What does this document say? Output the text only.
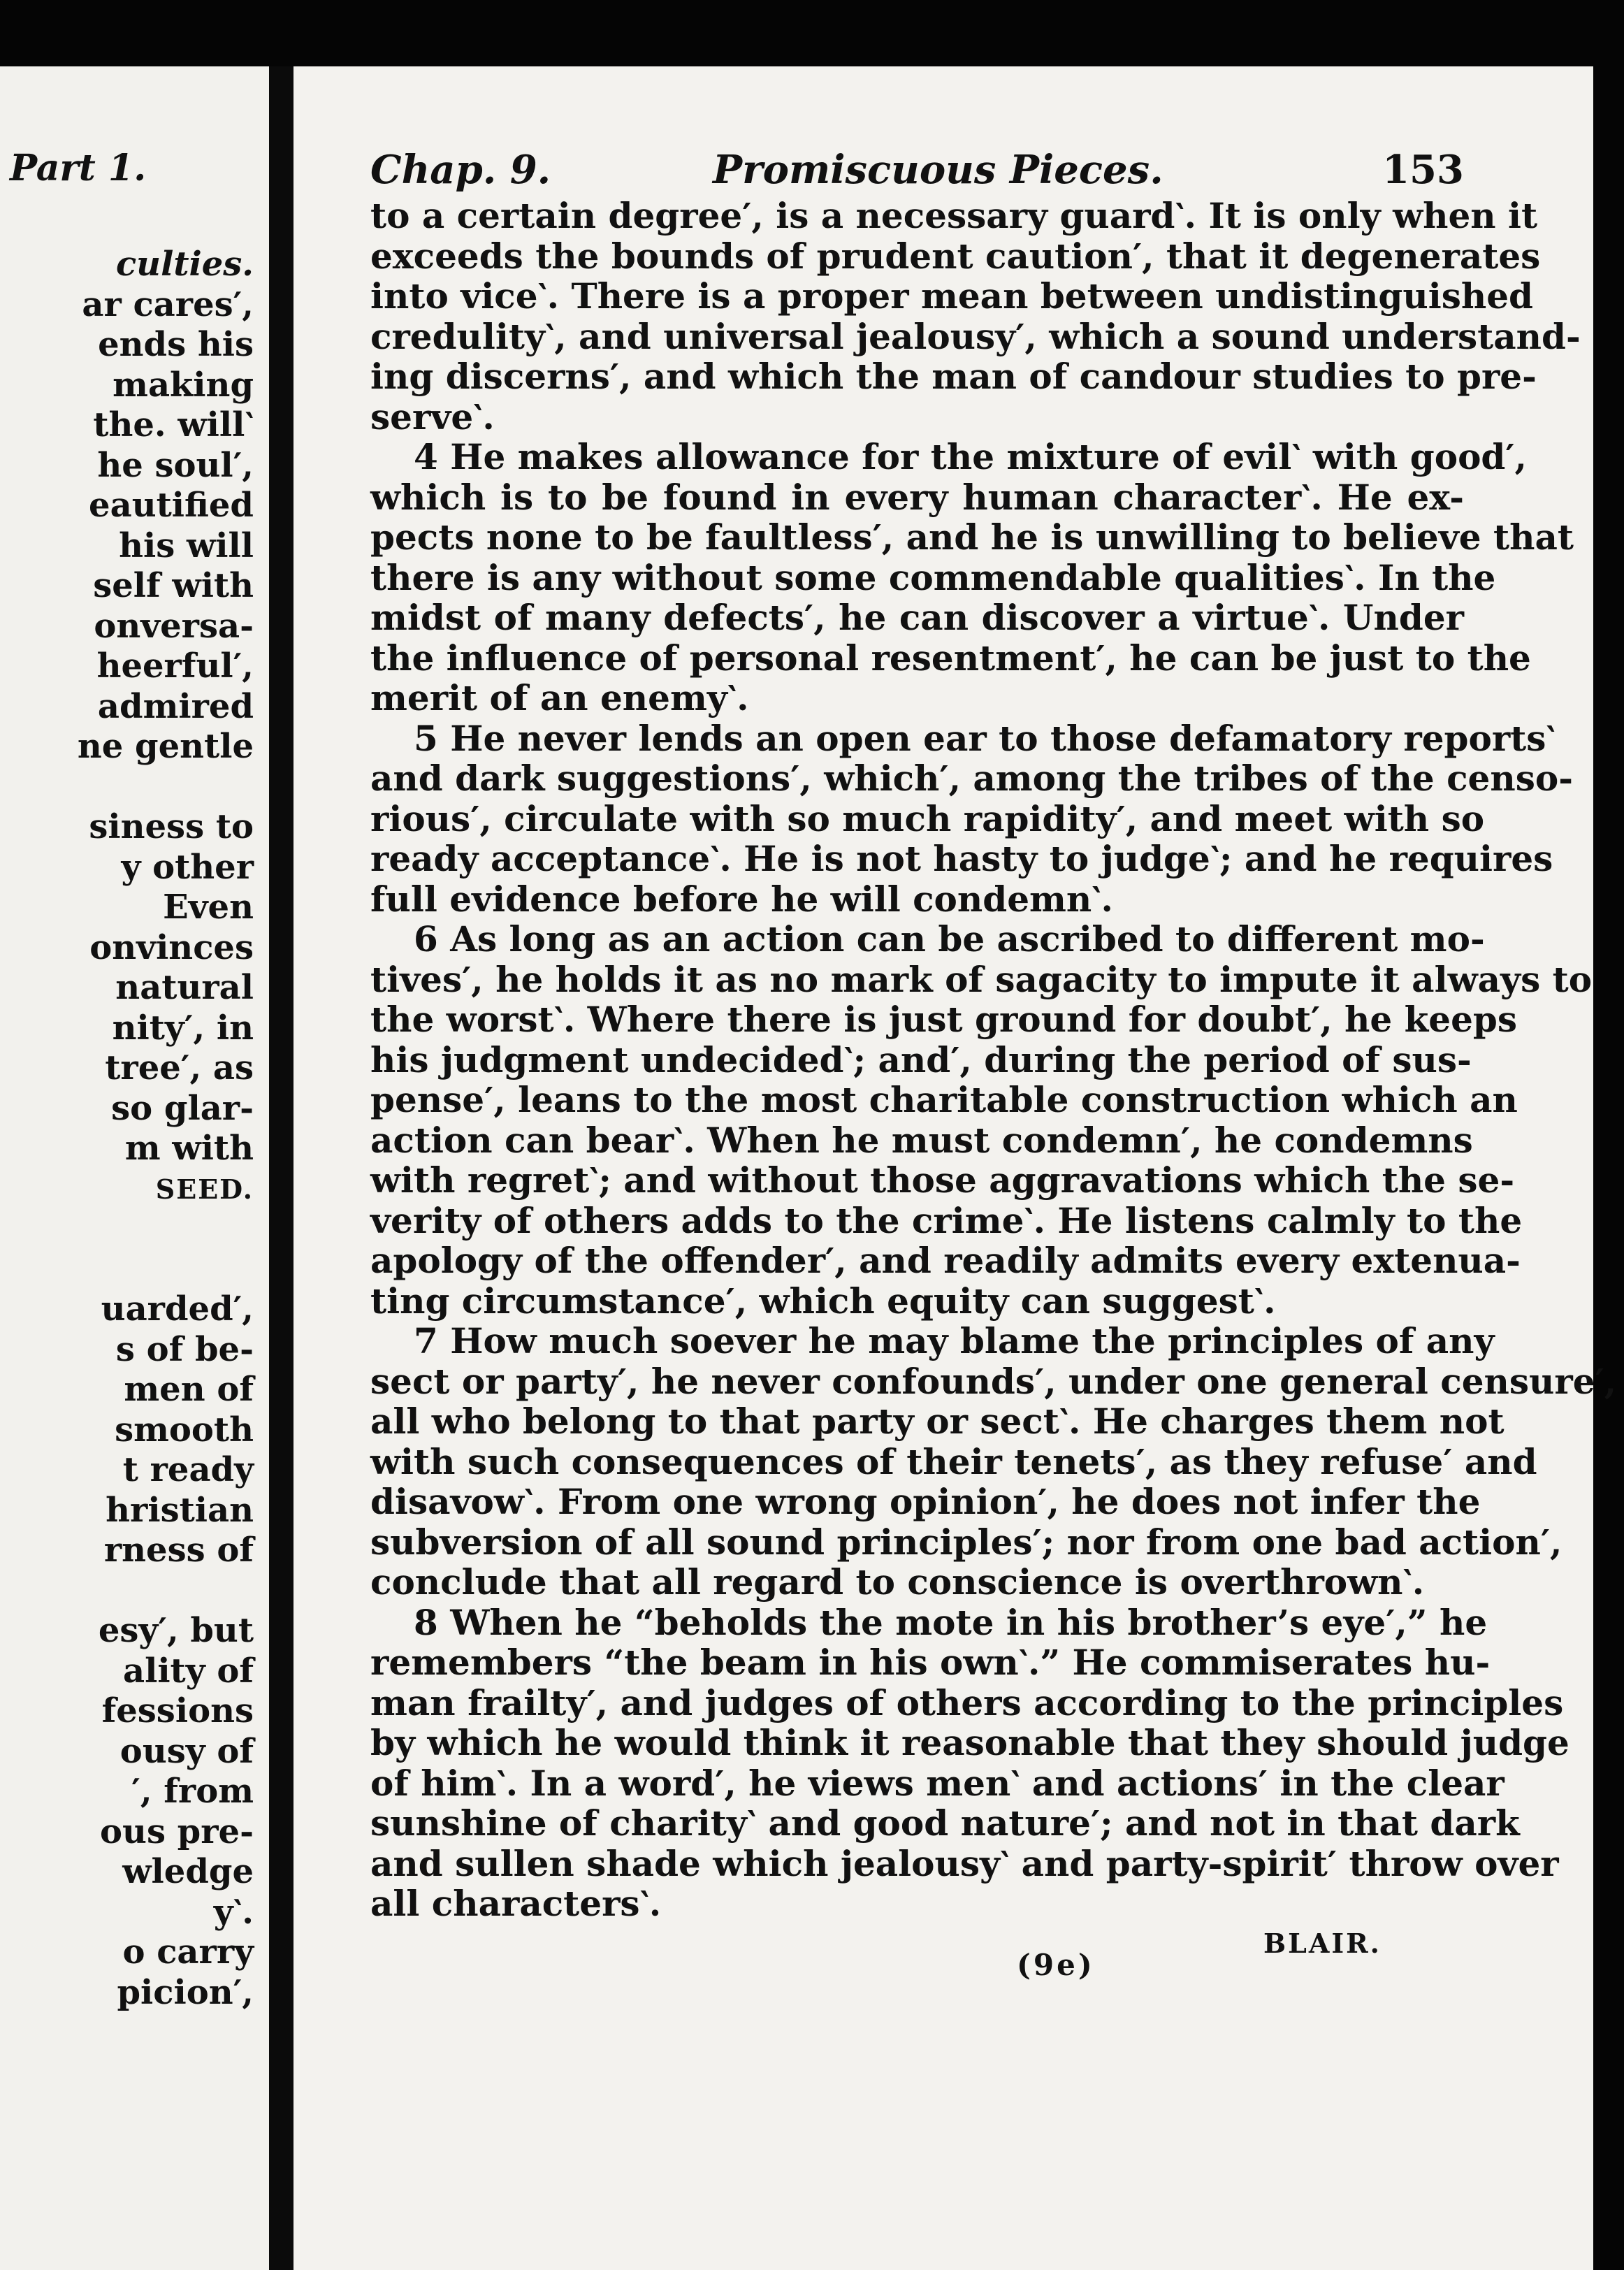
Part 1.
culties.
ar cares′,
ends his
making
the. will‵
he soul′,
eautified
his will
self with
onversa-
heerful′,
admired
ne gentle
siness to
y other
Even
onvinces
natural
nity′, in
tree′, as
so glar-
m with
SEED.
uarded′,
s of be-
men of
smooth
t ready
hristian
rness of
esy′, but
ality of
fessions
ousy of
′, from
ous pre-
wledge
y‵.
o carry
picion′,
Chap. 9.	Promiscuous Pieces.	153
to a certain degree′, is a necessary guard‵. It is only when it
exceeds the bounds of prudent caution′, that it degenerates
into vice‵. There is a proper mean between undistinguished
credulity‵, and universal jealousy′, which a sound understand-
ing discerns′, and which the man of candour studies to pre-
serve‵.
4 He makes allowance for the mixture of evil‵ with good′,
which is to be found in every human character‵. He ex-
pects none to be faultless′, and he is unwilling to believe that
there is any without some commendable qualities‵. In the
midst of many defects′, he can discover a virtue‵. Under
the influence of personal resentment′, he can be just to the
merit of an enemy‵.
5 He never lends an open ear to those defamatory reports‵
and dark suggestions′, which′, among the tribes of the censo-
rious′, circulate with so much rapidity′, and meet with so
ready acceptance‵. He is not hasty to judge‵; and he requires
full evidence before he will condemn‵.
6 As long as an action can be ascribed to different mo-
tives′, he holds it as no mark of sagacity to impute it always to
the worst‵. Where there is just ground for doubt′, he keeps
his judgment undecided‵; and′, during the period of sus-
pense′, leans to the most charitable construction which an
action can bear‵. When he must condemn′, he condemns
with regret‵; and without those aggravations which the se-
verity of others adds to the crime‵. He listens calmly to the
apology of the offender′, and readily admits every extenua-
ting circumstance′, which equity can suggest‵.
7 How much soever he may blame the principles of any
sect or party′, he never confounds′, under one general censure′,
all who belong to that party or sect‵. He charges them not
with such consequences of their tenets′, as they refuse′ and
disavow‵. From one wrong opinion′, he does not infer the
subversion of all sound principles′; nor from one bad action′,
conclude that all regard to conscience is overthrown‵.
8 When he “beholds the mote in his brother’s eye′,” he
remembers “the beam in his own‵.” He commiserates hu-
man frailty′, and judges of others according to the principles
by which he would think it reasonable that they should judge
of him‵. In a word′, he views men‵ and actions′ in the clear
sunshine of charity‵ and good nature′; and not in that dark
and sullen shade which jealousy‵ and party-spirit′ throw over
all characters‵.
BLAIR.
(9e)
